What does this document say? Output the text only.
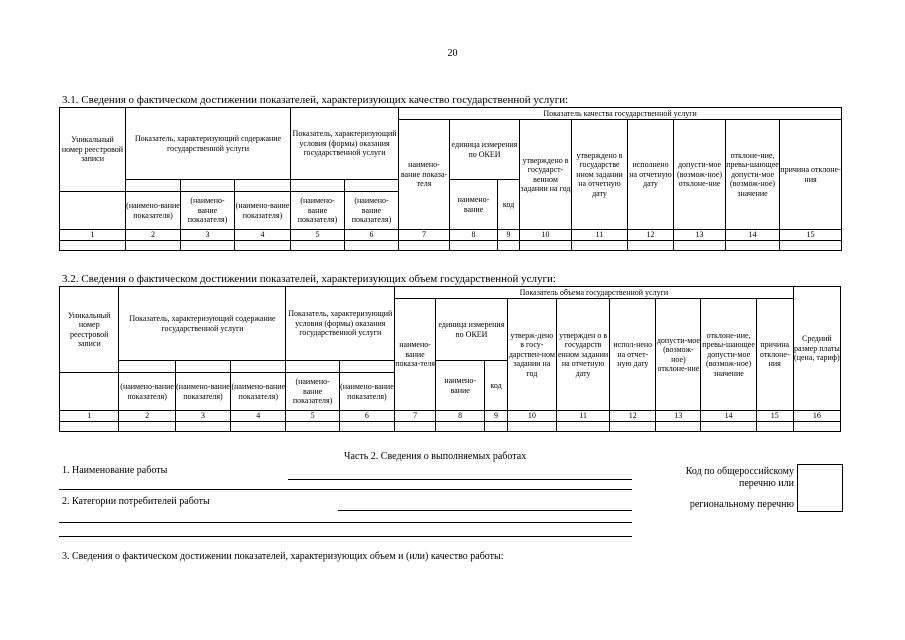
20
3.1. Сведения о фактическом достижении показателей, характеризующих качество государственной услуги:
Уникальный номер реестровой записи	Показатель, характеризующий содержание государственной услуги			Показатель, характеризующий условия (формы) оказания государственной услуги		Показатель качества государственной услуги								
						наимено-вание показа-теля	единица измерения по ОКЕИ		утверждено в государст-венном задании на год	утверждено в государстве нном задании на отчетную дату	исполнено на отчетную дату	допусти-мое (возмож-ное) отклоне-ние	отклоне-ние, превы-шающее допусти-мое (возмож-ное) значение	причина отклоне-ния
							наимено-вание	код						
	(наимено-вание показателя)	(наимено-вание показателя)	(наимено-вание показателя)	(наимено-вание показателя)	(наимено-вание показателя)									
1	2	3	4	5	6	7	8	9	10	11	12	13	14	15

3.2. Сведения о фактическом достижении показателей, характеризующих объем государственной услуги:
Уникальный номер реестровой записи	Показатель, характеризующий содержание государственной услуги			Показатель, характеризующий условия (формы) оказания государственной услуги		Показатель объема государственной услуги									Средний размер платы (цена, тариф)
						наимено-вание показа-теля	единица измерения по ОКЕИ		утверж-дено в госу-дарствен-ном задании на год	утвержден о в государств енном задании на отчетную дату	испол-нено на отчет-ную дату	допусти-мое (возмож-ное) отклоне-ние	отклоне-ние, превы-шающее допусти-мое (возмож-ное) значение	причина отклоне-ния	
							наимено-вание	код							
	(наимено-вание показателя)	(наимено-вание показателя)	(наимено-вание показателя)	(наимено-вание показателя)	(наимено-вание показателя)										
1	2	3	4	5	6	7	8	9	10	11	12	13	14	15	16

Часть 2. Сведения о выполняемых работах
1. Наименование работы
2. Категории потребителей работы
Код по общероссийскому
перечню или
региональному перечню
3. Сведения о фактическом достижении показателей, характеризующих объем и (или) качество работы:
